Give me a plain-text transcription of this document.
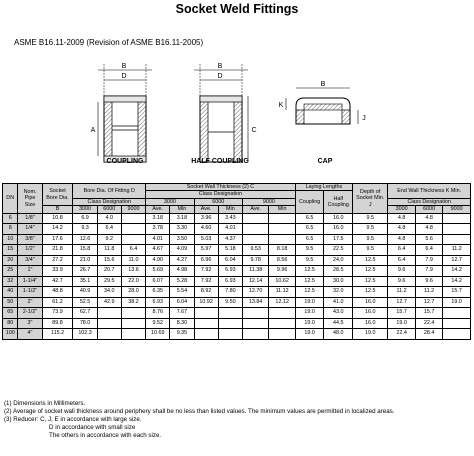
Socket Weld Fittings
ASME B16.11-2009 (Revision of ASME B16.11-2005)
B
D
A
B
D
C
B
K
J
COUPLING	HALF COUPLING	CAP
DN	Nom. Pipe Size	Socket Bore Dia.	Bore Dia. Of Fitting D			Socket Wall Thickness (2) C						Laying Lengths		Depth of Socket Min. J	End Wall Thickness K Min.		
						Class Designation						Coupling	Half Coupling				
			Class Designation			3000		6000		9000					Class Designation		
		B	3000	6000	9000	Ave.	Min	Ave.	Min	Ave.	Min				3000	6000	9000
6	1/8"	10.8	6.9	4.0		3.18	3.18	3.96	3.43			6.5	16.0	9.5	4.8	4.8	
8	1/4"	14.2	9.3	6.4		3.78	3.30	4.60	4.01			6.5	16.0	9.5	4.8	4.8	
10	3/8"	17.6	12.6	9.2		4.01	3.50	5.03	4.37			6.5	17.5	9.5	4.8	5.6	
15	1/2"	21.8	15.8	11.8	6.4	4.67	4.09	5.97	5.18	9.53	8.18	9.5	22.5	9.5	6.4	6.4	11.2
20	3/4"	27.2	21.0	15.6	11.0	4.90	4.27	6.96	6.04	9.78	8.56	9.5	24.0	12.5	6.4	7.9	12.7
25	1"	33.9	26.7	20.7	13.6	5.69	4.98	7.92	6.93	11.38	9.96	12.5	28.5	12.5	9.6	7.9	14.2
32	1-1/4"	42.7	35.1	29.5	22.0	6.07	5.28	7.92	6.93	12.14	10.62	12.5	30.0	12.5	9.6	9.6	14.2
40	1-1/2"	48.8	40.9	34.0	28.0	6.35	5.54	8.92	7.80	12.70	11.12	12.5	32.0	12.5	11.2	11.2	15.7
50	2"	61.2	52.5	42.9	38.2	6.93	6.04	10.92	9.50	13.84	12.12	19.0	41.0	16.0	12.7	12.7	19.0
65	2-1/2"	73.9	62.7			8.76	7.67					19.0	43.0	16.0	15.7	15.7	
80	3"	89.8	78.0			9.52	8.30					19.0	44.5	16.0	19.0	22.4	
100	4"	115.2	102.3			10.69	9.35					19.0	48.0	19.0	22.4	28.4	
(1) Dimensions in Millimeters.
(2) Average of socket wall thickness around periphery shall be no less than listed values. The minimum values are permitted in localized areas.
(3) Reducer: C, J, E in accordance with large size.
D in accordance with small size
The others in accordance with each size.
